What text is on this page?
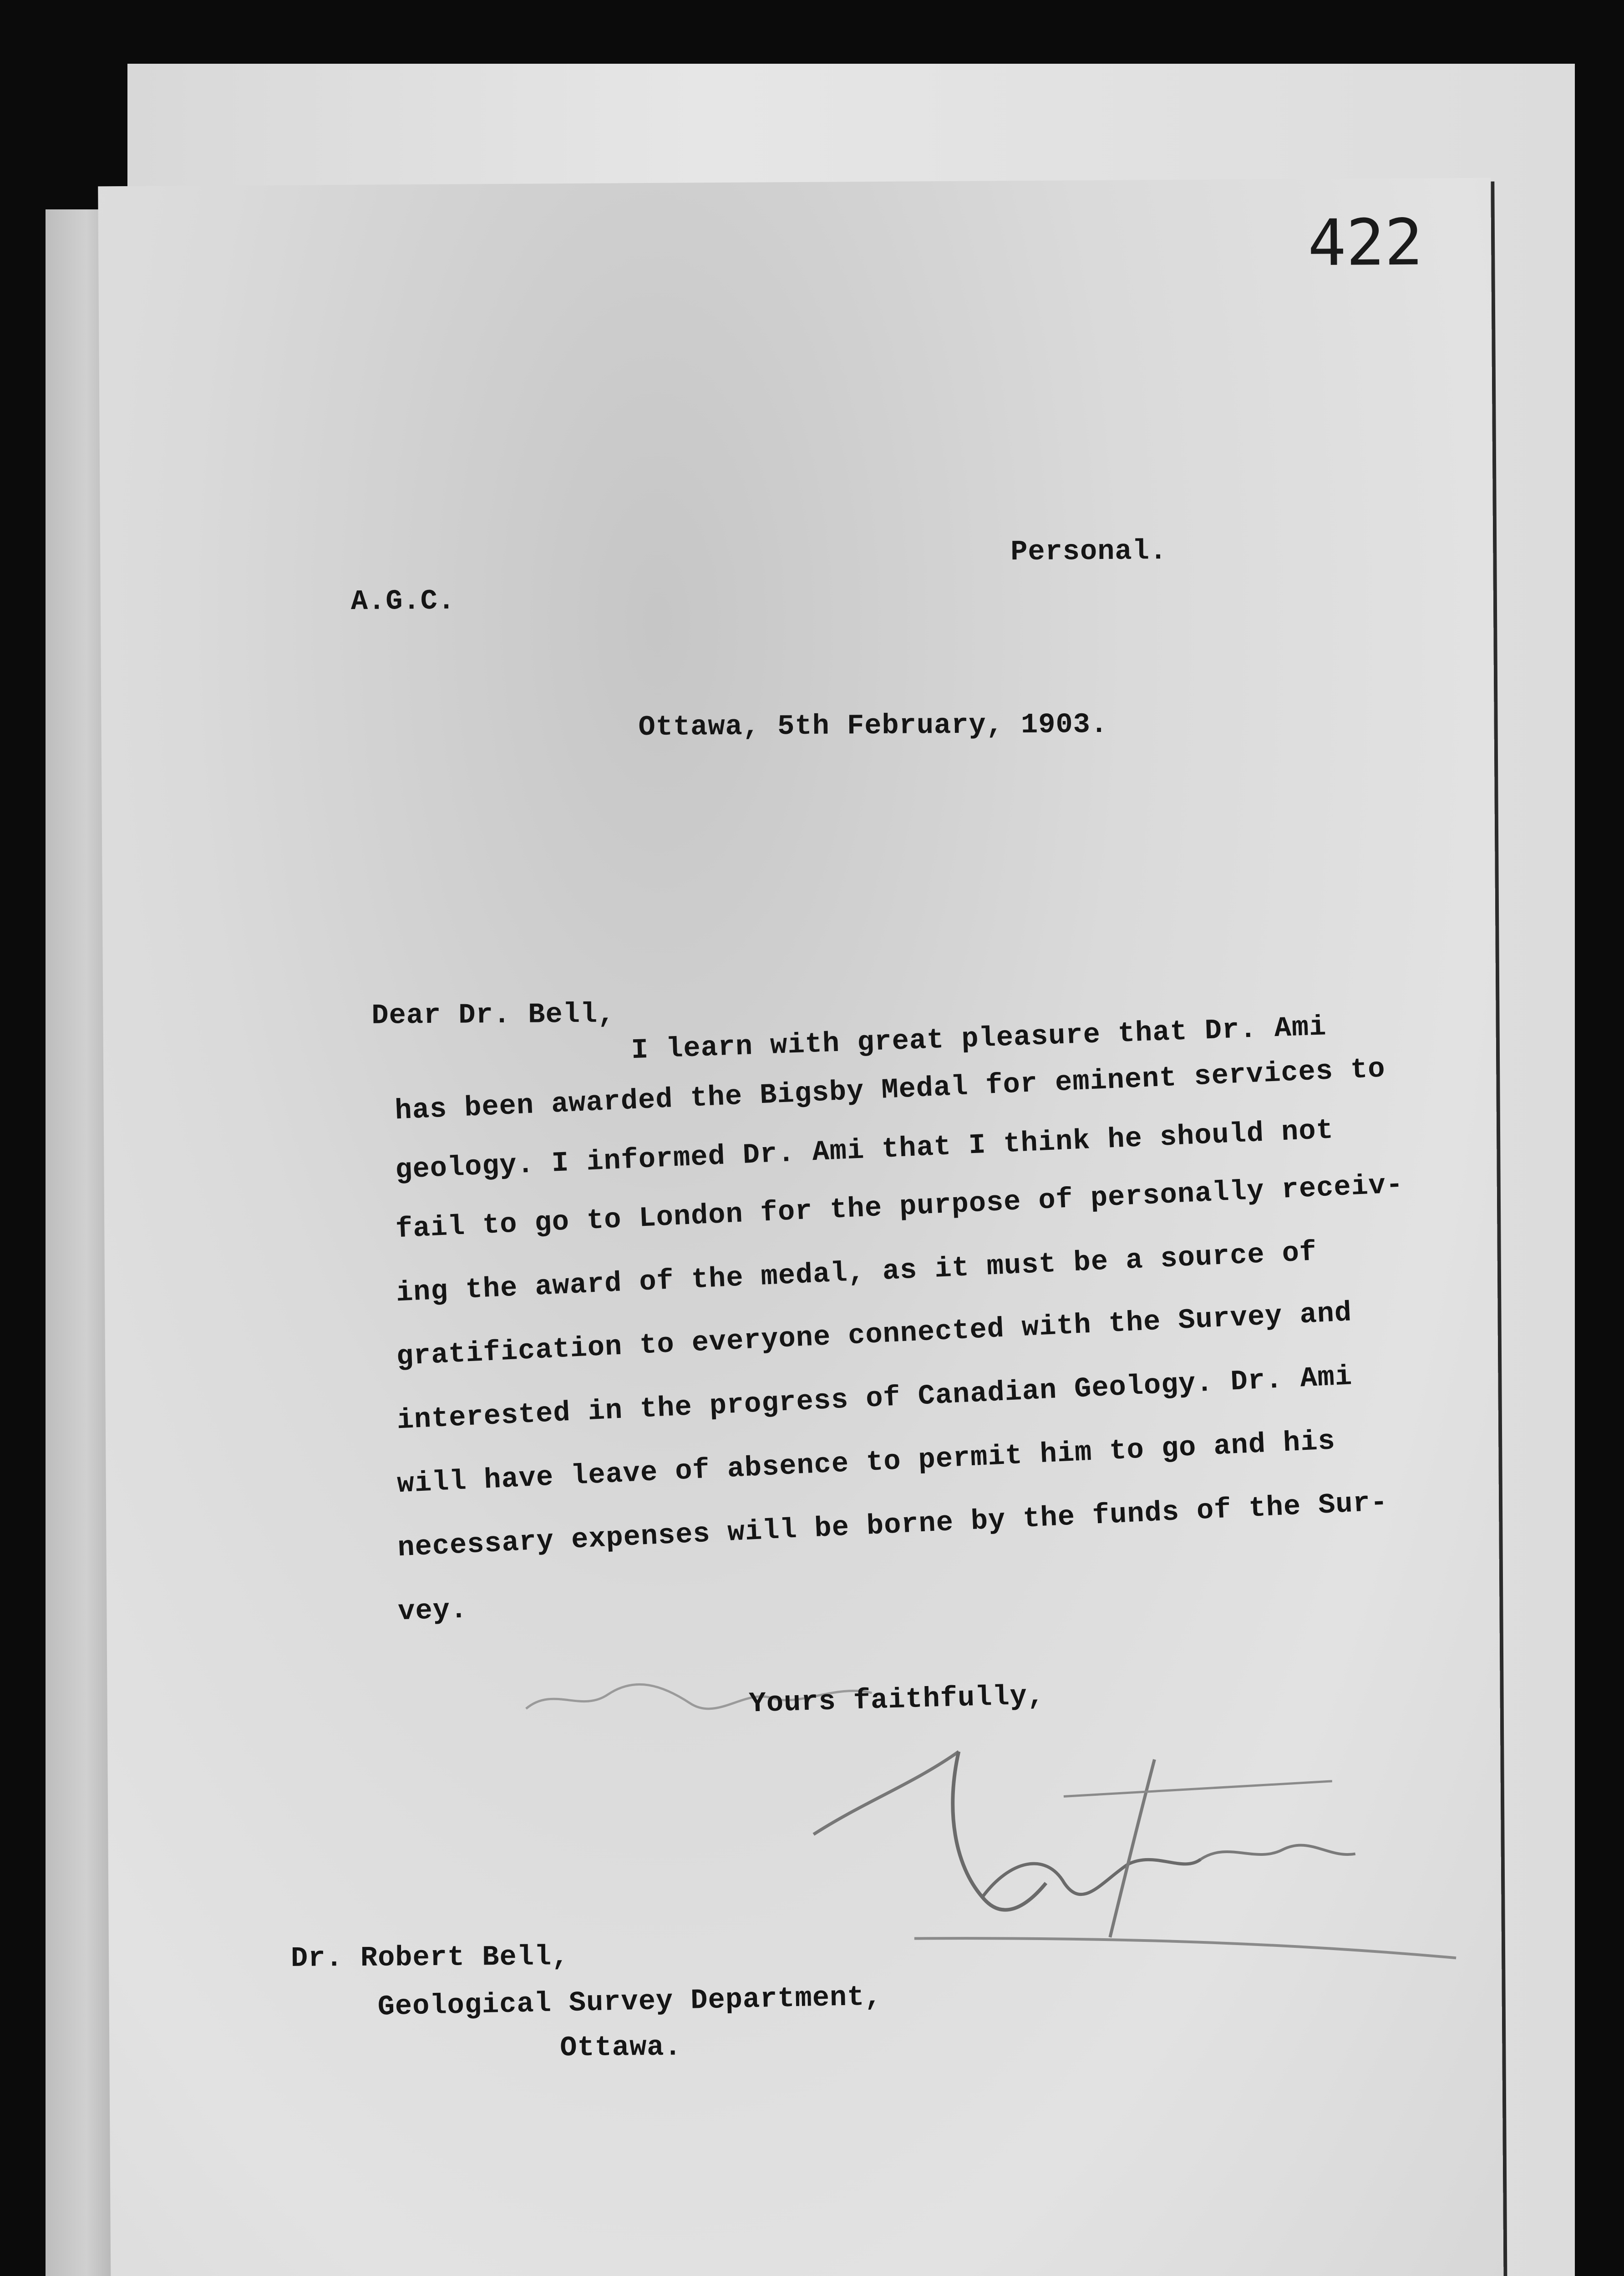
422
Personal.
A.G.C.
Ottawa, 5th February, 1903.
Dear Dr. Bell, I learn with great pleasure that Dr. Ami
has been awarded the Bigsby Medal for eminent services to
geology. I informed Dr. Ami that I think he should not
fail to go to London for the purpose of personally receiv-
ing the award of the medal, as it must be a source of
gratification to everyone connected with the Survey and
interested in the progress of Canadian Geology. Dr. Ami
will have leave of absence to permit him to go and his
necessary expenses will be borne by the funds of the Sur-
vey.
Yours faithfully,
Dr. Robert Bell,
Geological Survey Department,
Ottawa.
